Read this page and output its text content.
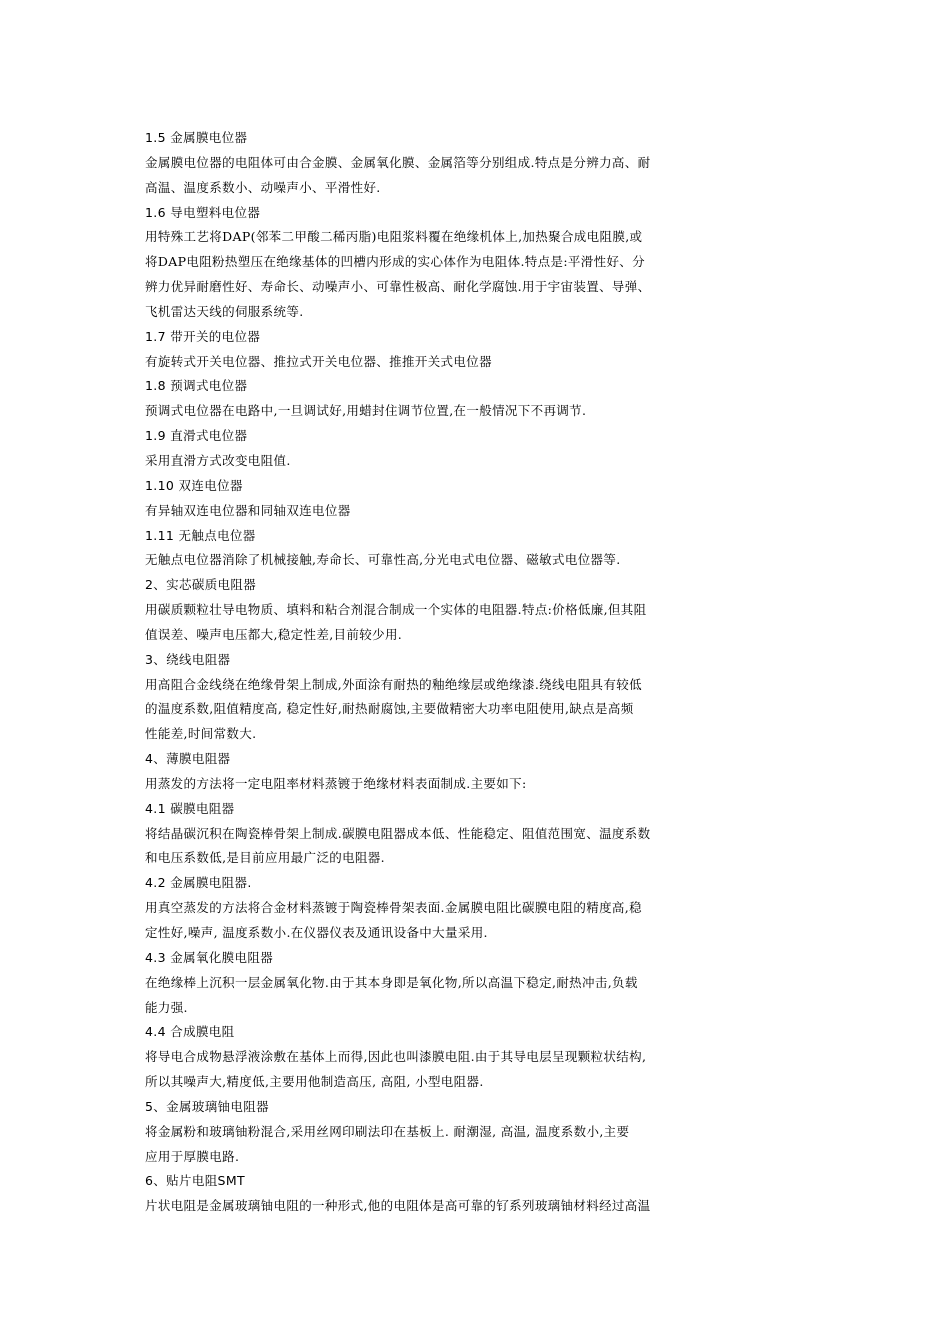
1.5 金属膜电位器
金属膜电位器的电阻体可由合金膜、金属氧化膜、金属箔等分别组成.特点是分辨力高、耐
高温、温度系数小、动噪声小、平滑性好.
1.6 导电塑料电位器
用特殊工艺将DAP(邻苯二甲酸二稀丙脂)电阻浆料覆在绝缘机体上,加热聚合成电阻膜,或
将DAP电阻粉热塑压在绝缘基体的凹槽内形成的实心体作为电阻体.特点是:平滑性好、分
辨力优异耐磨性好、寿命长、动噪声小、可靠性极高、耐化学腐蚀.用于宇宙装置、导弹、
飞机雷达天线的伺服系统等.
1.7 带开关的电位器
有旋转式开关电位器、推拉式开关电位器、推推开关式电位器
1.8 预调式电位器
预调式电位器在电路中,一旦调试好,用蜡封住调节位置,在一般情况下不再调节.
1.9 直滑式电位器
采用直滑方式改变电阻值.
1.10 双连电位器
有异轴双连电位器和同轴双连电位器
1.11 无触点电位器
无触点电位器消除了机械接触,寿命长、可靠性高,分光电式电位器、磁敏式电位器等.
2、实芯碳质电阻器
用碳质颗粒壮导电物质、填料和粘合剂混合制成一个实体的电阻器.特点:价格低廉,但其阻
值误差、噪声电压都大,稳定性差,目前较少用.
3、绕线电阻器
用高阻合金线绕在绝缘骨架上制成,外面涂有耐热的釉绝缘层或绝缘漆.绕线电阻具有较低
的温度系数,阻值精度高, 稳定性好,耐热耐腐蚀,主要做精密大功率电阻使用,缺点是高频
性能差,时间常数大.
4、薄膜电阻器
用蒸发的方法将一定电阻率材料蒸镀于绝缘材料表面制成.主要如下:
4.1 碳膜电阻器
将结晶碳沉积在陶瓷棒骨架上制成.碳膜电阻器成本低、性能稳定、阻值范围宽、温度系数
和电压系数低,是目前应用最广泛的电阻器.
4.2 金属膜电阻器.
用真空蒸发的方法将合金材料蒸镀于陶瓷棒骨架表面.金属膜电阻比碳膜电阻的精度高,稳
定性好,噪声, 温度系数小.在仪器仪表及通讯设备中大量采用.
4.3 金属氧化膜电阻器
在绝缘棒上沉积一层金属氧化物.由于其本身即是氧化物,所以高温下稳定,耐热冲击,负载
能力强.
4.4 合成膜电阻
将导电合成物悬浮液涂敷在基体上而得,因此也叫漆膜电阻.由于其导电层呈现颗粒状结构,
所以其噪声大,精度低,主要用他制造高压, 高阻, 小型电阻器.
5、金属玻璃铀电阻器
将金属粉和玻璃铀粉混合,采用丝网印刷法印在基板上. 耐潮湿, 高温, 温度系数小,主要
应用于厚膜电路.
6、贴片电阻SMT
片状电阻是金属玻璃铀电阻的一种形式,他的电阻体是高可靠的钌系列玻璃铀材料经过高温
